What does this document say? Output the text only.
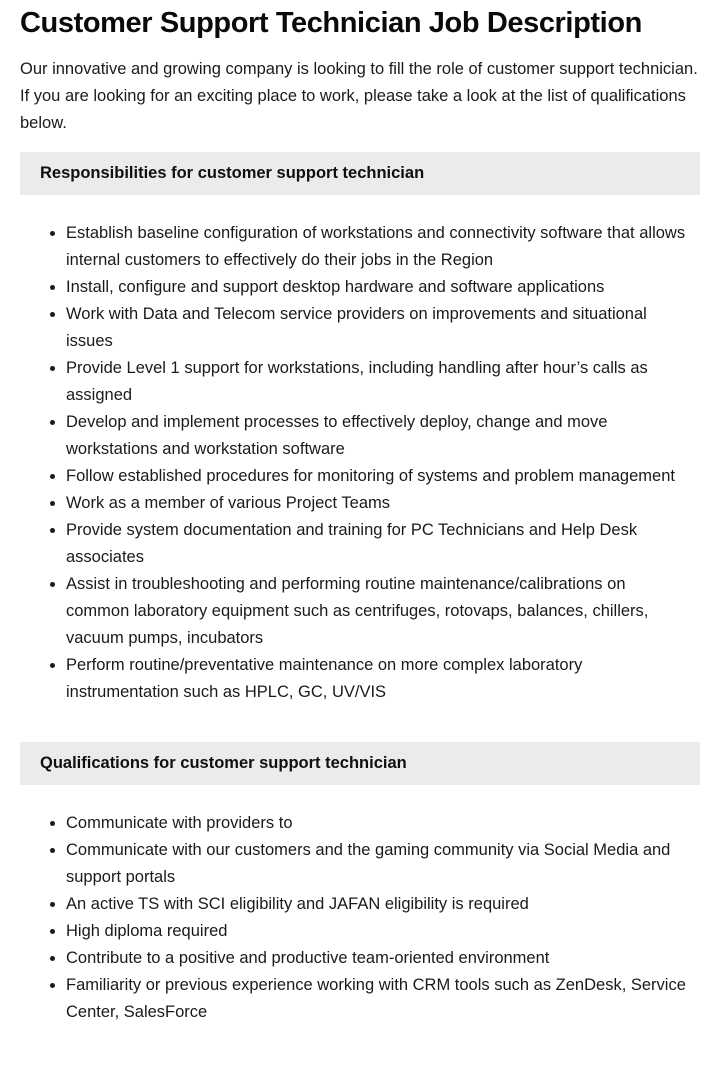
Customer Support Technician Job Description

Our innovative and growing company is looking to fill the role of customer support technician. If you are looking for an exciting place to work, please take a look at the list of qualifications below.

Responsibilities for customer support technician
Establish baseline configuration of workstations and connectivity software that allows internal customers to effectively do their jobs in the Region
Install, configure and support desktop hardware and software applications
Work with Data and Telecom service providers on improvements and situational issues
Provide Level 1 support for workstations, including handling after hour’s calls as assigned
Develop and implement processes to effectively deploy, change and move workstations and workstation software
Follow established procedures for monitoring of systems and problem management
Work as a member of various Project Teams
Provide system documentation and training for PC Technicians and Help Desk associates
Assist in troubleshooting and performing routine maintenance/calibrations on common laboratory equipment such as centrifuges, rotovaps, balances, chillers, vacuum pumps, incubators
Perform routine/preventative maintenance on more complex laboratory instrumentation such as HPLC, GC, UV/VIS
Qualifications for customer support technician
Communicate with providers to
Communicate with our customers and the gaming community via Social Media and support portals
An active TS with SCI eligibility and JAFAN eligibility is required
High diploma required
Contribute to a positive and productive team-oriented environment
Familiarity or previous experience working with CRM tools such as ZenDesk, Service Center, SalesForce
